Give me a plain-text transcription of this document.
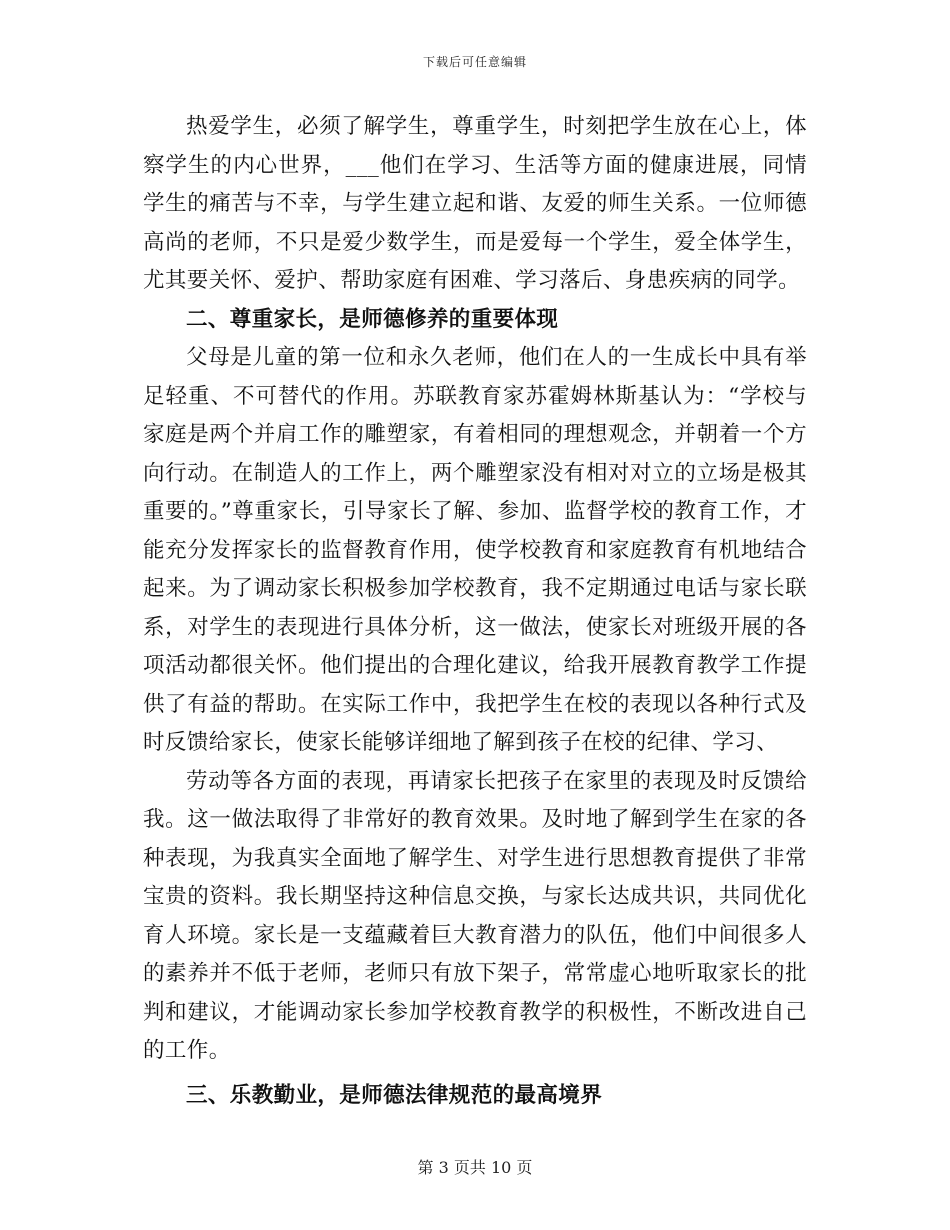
下载后可任意编辑

热爱学生，必须了解学生，尊重学生，时刻把学生放在心上，体察学生的内心世界，___他们在学习、生活等方面的健康进展，同情学生的痛苦与不幸，与学生建立起和谐、友爱的师生关系。一位师德高尚的老师，不只是爱少数学生，而是爱每一个学生，爱全体学生，尤其要关怀、爱护、帮助家庭有困难、学习落后、身患疾病的同学。

二、尊重家长，是师德修养的重要体现

父母是儿童的第一位和永久老师，他们在人的一生成长中具有举足轻重、不可替代的作用。苏联教育家苏霍姆林斯基认为：“学校与家庭是两个并肩工作的雕塑家，有着相同的理想观念，并朝着一个方向行动。在制造人的工作上，两个雕塑家没有相对对立的立场是极其重要的。”尊重家长，引导家长了解、参加、监督学校的教育工作，才能充分发挥家长的监督教育作用，使学校教育和家庭教育有机地结合起来。为了调动家长积极参加学校教育，我不定期通过电话与家长联系，对学生的表现进行具体分析，这一做法，使家长对班级开展的各项活动都很关怀。他们提出的合理化建议，给我开展教育教学工作提供了有益的帮助。在实际工作中，我把学生在校的表现以各种行式及时反馈给家长，使家长能够详细地了解到孩子在校的纪律、学习、

劳动等各方面的表现，再请家长把孩子在家里的表现及时反馈给我。这一做法取得了非常好的教育效果。及时地了解到学生在家的各种表现，为我真实全面地了解学生、对学生进行思想教育提供了非常宝贵的资料。我长期坚持这种信息交换，与家长达成共识，共同优化育人环境。家长是一支蕴藏着巨大教育潜力的队伍，他们中间很多人的素养并不低于老师，老师只有放下架子，常常虚心地听取家长的批判和建议，才能调动家长参加学校教育教学的积极性，不断改进自己的工作。

三、乐教勤业，是师德法律规范的最高境界

第 3 页共 10 页
